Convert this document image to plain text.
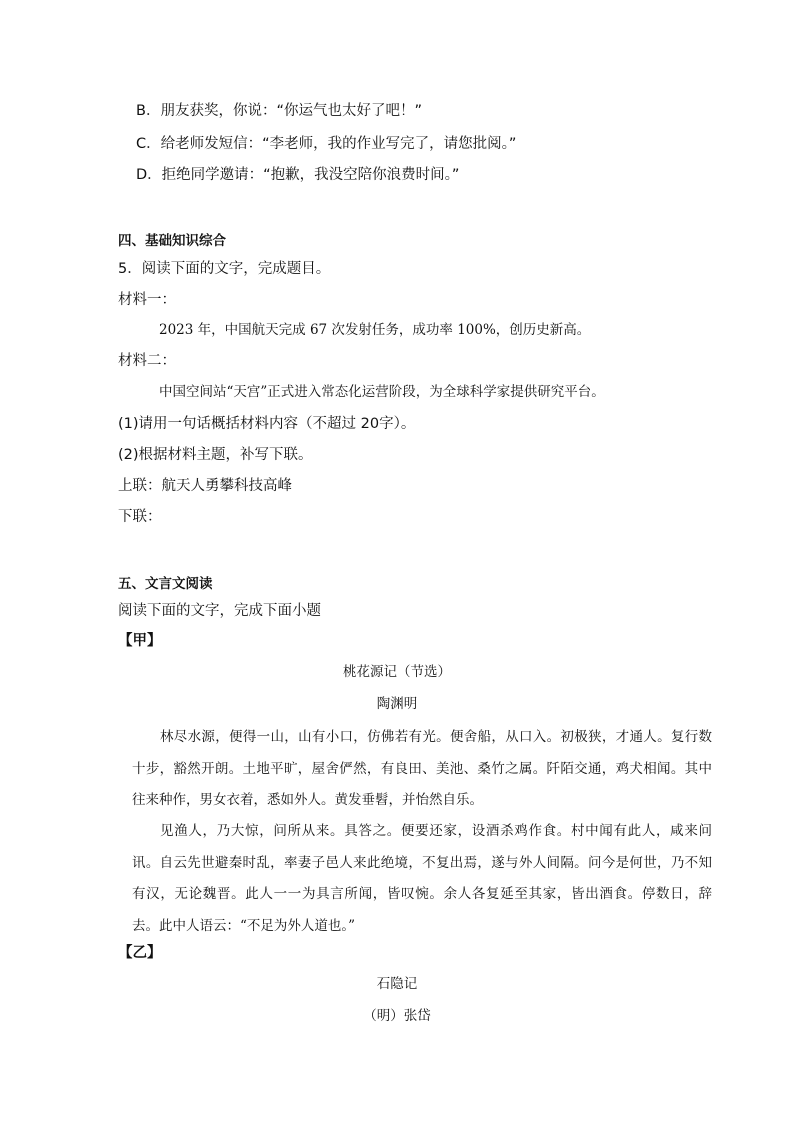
B．朋友获奖，你说：“你运气也太好了吧！”
C．给老师发短信：“李老师，我的作业写完了，请您批阅。”
D．拒绝同学邀请：“抱歉，我没空陪你浪费时间。”
四、基础知识综合
5．阅读下面的文字，完成题目。
材料一：
2023 年，中国航天完成 67 次发射任务，成功率 100%，创历史新高。
材料二：
中国空间站“天宫”正式进入常态化运营阶段，为全球科学家提供研究平台。
(1)请用一句话概括材料内容（不超过 20字）。
(2)根据材料主题，补写下联。
上联：航天人勇攀科技高峰
下联：
五、文言文阅读
阅读下面的文字，完成下面小题
【甲】
桃花源记（节选）
陶渊明
林尽水源，便得一山，山有小口，仿佛若有光。便舍船，从口入。初极狭，才通人。复行数十步，豁然开朗。土地平旷，屋舍俨然，有良田、美池、桑竹之属。阡陌交通，鸡犬相闻。其中往来种作，男女衣着，悉如外人。黄发垂髫，并怡然自乐。
见渔人，乃大惊，问所从来。具答之。便要还家，设酒杀鸡作食。村中闻有此人，咸来问讯。自云先世避秦时乱，率妻子邑人来此绝境，不复出焉，遂与外人间隔。问今是何世，乃不知有汉，无论魏晋。此人一一为具言所闻，皆叹惋。余人各复延至其家，皆出酒食。停数日，辞去。此中人语云：“不足为外人道也。”
【乙】
石隐记
（明）张岱
